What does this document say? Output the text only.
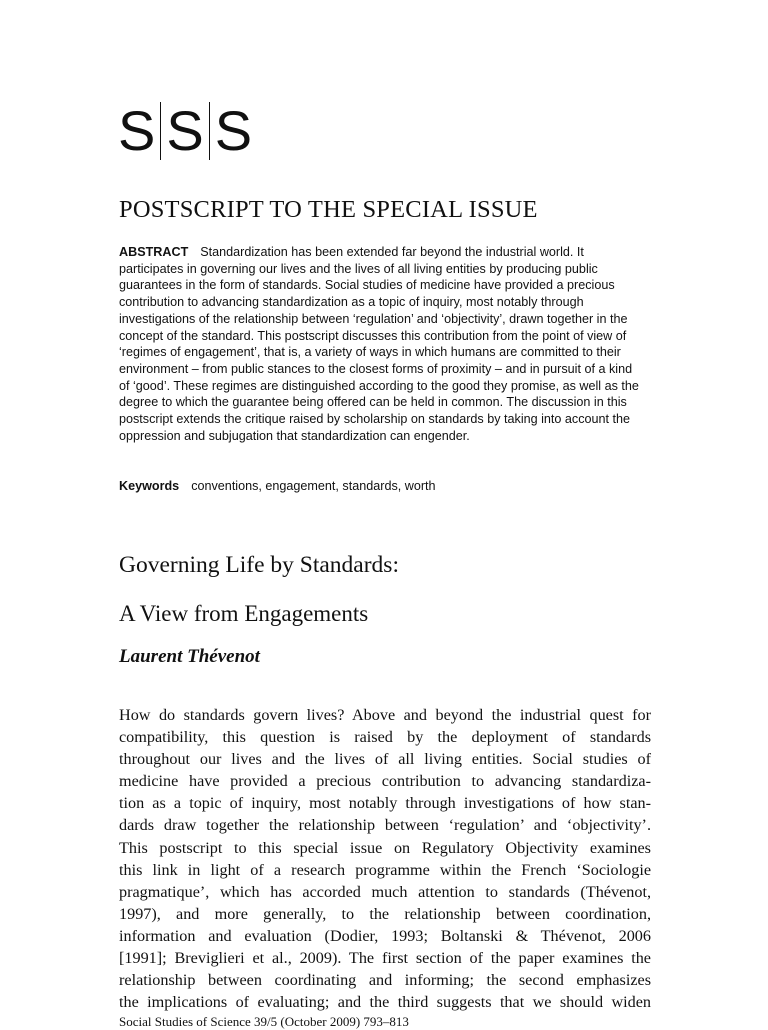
S S S
POSTSCRIPT TO THE SPECIAL ISSUE
ABSTRACT Standardization has been extended far beyond the industrial world. It participates in governing our lives and the lives of all living entities by producing public guarantees in the form of standards. Social studies of medicine have provided a precious contribution to advancing standardization as a topic of inquiry, most notably through investigations of the relationship between ‘regulation’ and ‘objectivity’, drawn together in the concept of the standard. This postscript discusses this contribution from the point of view of ‘regimes of engagement’, that is, a variety of ways in which humans are committed to their environment – from public stances to the closest forms of proximity – and in pursuit of a kind of ‘good’. These regimes are distinguished according to the good they promise, as well as the degree to which the guarantee being offered can be held in common. The discussion in this postscript extends the critique raised by scholarship on standards by taking into account the oppression and subjugation that standardization can engender.
Keywords conventions, engagement, standards, worth
Governing Life by Standards:
A View from Engagements
Laurent Thévenot
How do standards govern lives? Above and beyond the industrial quest for
compatibility, this question is raised by the deployment of standards
throughout our lives and the lives of all living entities. Social studies of
medicine have provided a precious contribution to advancing standardiza-
tion as a topic of inquiry, most notably through investigations of how stan-
dards draw together the relationship between ‘regulation’ and ‘objectivity’.
This postscript to this special issue on Regulatory Objectivity examines
this link in light of a research programme within the French ‘Sociologie
pragmatique’, which has accorded much attention to standards (Thévenot,
1997), and more generally, to the relationship between coordination,
information and evaluation (Dodier, 1993; Boltanski & Thévenot, 2006
[1991]; Breviglieri et al., 2009). The first section of the paper examines the
relationship between coordinating and informing; the second emphasizes
the implications of evaluating; and the third suggests that we should widen
Social Studies of Science 39/5 (October 2009) 793–813
